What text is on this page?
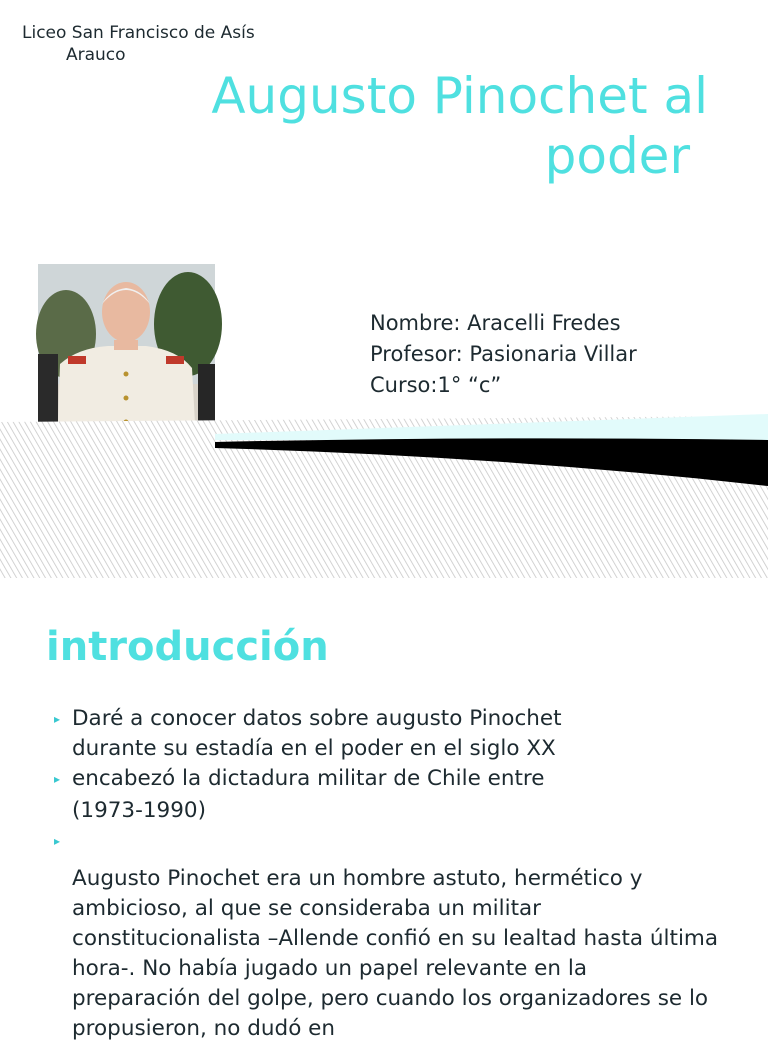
Liceo San Francisco de Asís
Arauco
Augusto Pinochet al
poder
Nombre: Aracelli Fredes
Profesor: Pasionaria Villar
Curso:1° “c”
introducción
▸ Daré a conocer datos sobre augusto Pinochet
durante su estadía en el poder en el siglo XX
▸ encabezó la dictadura militar de Chile entre
(1973-1990)
▸

Augusto Pinochet era un hombre astuto, hermético y ambicioso, al que se consideraba un militar constitucionalista –Allende confió en su lealtad hasta última hora-. No había jugado un papel relevante en la preparación del golpe, pero cuando los organizadores se lo propusieron, no dudó en
